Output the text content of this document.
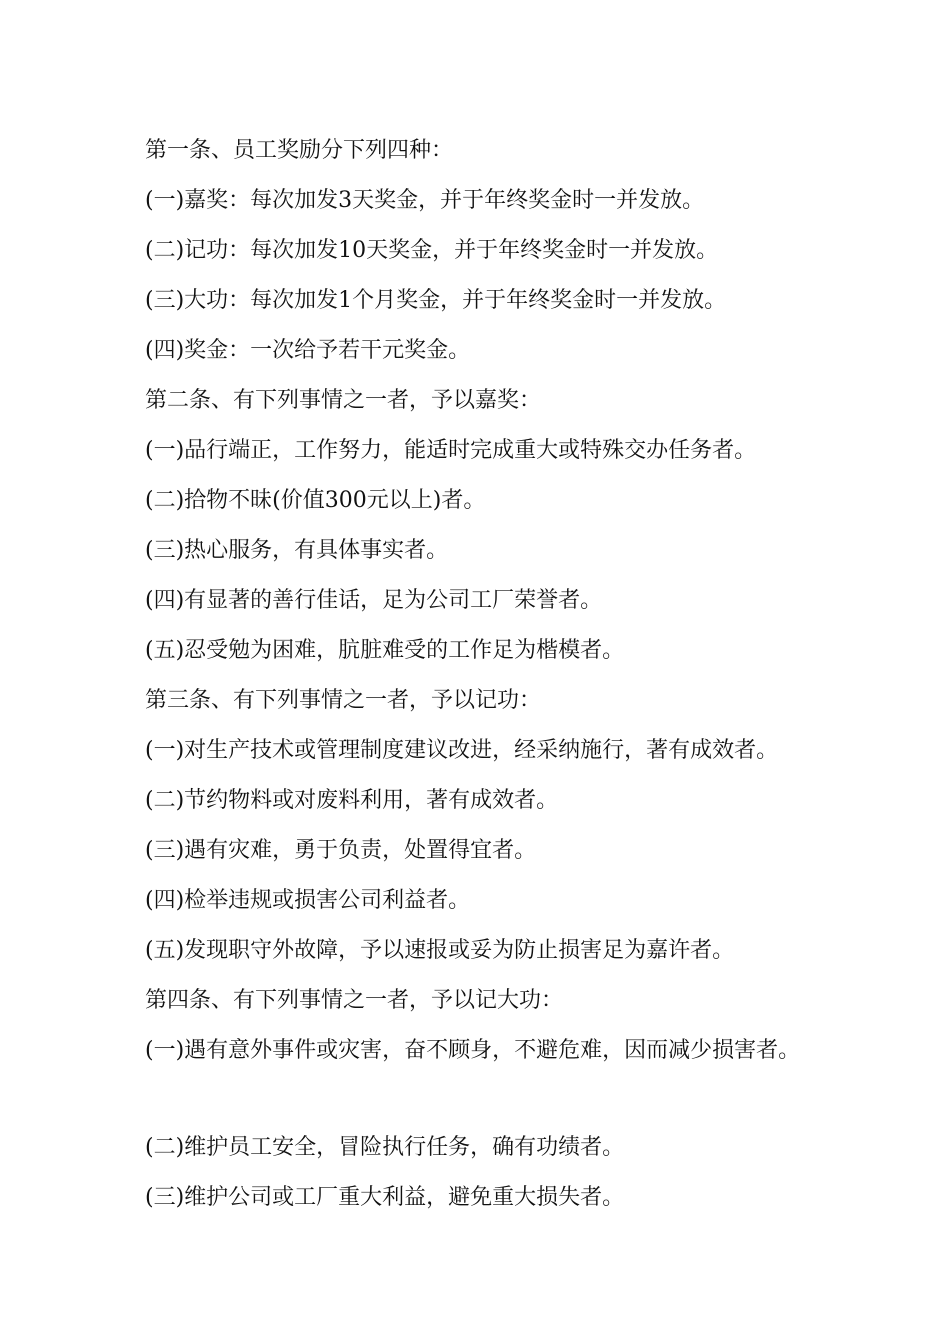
第一条、员工奖励分下列四种：
(一)嘉奖：每次加发3天奖金，并于年终奖金时一并发放。
(二)记功：每次加发10天奖金，并于年终奖金时一并发放。
(三)大功：每次加发1个月奖金，并于年终奖金时一并发放。
(四)奖金：一次给予若干元奖金。
第二条、有下列事情之一者，予以嘉奖：
(一)品行端正，工作努力，能适时完成重大或特殊交办任务者。
(二)拾物不昧(价值300元以上)者。
(三)热心服务，有具体事实者。
(四)有显著的善行佳话，足为公司工厂荣誉者。
(五)忍受勉为困难，肮脏难受的工作足为楷模者。
第三条、有下列事情之一者，予以记功：
(一)对生产技术或管理制度建议改进，经采纳施行，著有成效者。
(二)节约物料或对废料利用，著有成效者。
(三)遇有灾难，勇于负责，处置得宜者。
(四)检举违规或损害公司利益者。
(五)发现职守外故障，予以速报或妥为防止损害足为嘉许者。
第四条、有下列事情之一者，予以记大功：
(一)遇有意外事件或灾害，奋不顾身，不避危难，因而减少损害者。
(二)维护员工安全，冒险执行任务，确有功绩者。
(三)维护公司或工厂重大利益，避免重大损失者。
